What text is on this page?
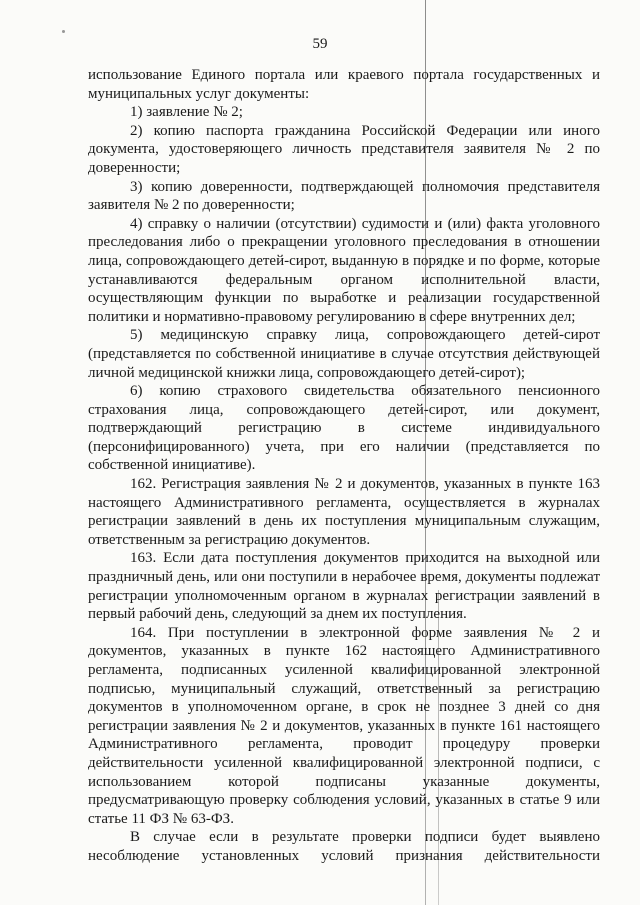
59

использование Единого портала или краевого портала государственных и муниципальных услуг документы:

1) заявление № 2;

2) копию паспорта гражданина Российской Федерации или иного документа, удостоверяющего личность представителя заявителя № 2 по доверенности;

3) копию доверенности, подтверждающей полномочия представителя заявителя № 2 по доверенности;

4) справку о наличии (отсутствии) судимости и (или) факта уголовного преследования либо о прекращении уголовного преследования в отношении лица, сопровождающего детей-сирот, выданную в порядке и по форме, которые устанавливаются федеральным органом исполнительной власти, осуществляющим функции по выработке и реализации государственной политики и нормативно-правовому регулированию в сфере внутренних дел;

5) медицинскую справку лица, сопровождающего детей-сирот (представляется по собственной инициативе в случае отсутствия действующей личной медицинской книжки лица, сопровождающего детей-сирот);

6) копию страхового свидетельства обязательного пенсионного страхования лица, сопровождающего детей-сирот, или документ, подтверждающий регистрацию в системе индивидуального (персонифицированного) учета, при его наличии (представляется по собственной инициативе).

162. Регистрация заявления № 2 и документов, указанных в пункте 163 настоящего Административного регламента, осуществляется в журналах регистрации заявлений в день их поступления муниципальным служащим, ответственным за регистрацию документов.

163. Если дата поступления документов приходится на выходной или праздничный день, или они поступили в нерабочее время, документы подлежат регистрации уполномоченным органом в журналах регистрации заявлений в первый рабочий день, следующий за днем их поступления.

164. При поступлении в электронной форме заявления № 2 и документов, указанных в пункте 162 настоящего Административного регламента, подписанных усиленной квалифицированной электронной подписью, муниципальный служащий, ответственный за регистрацию документов в уполномоченном органе, в срок не позднее 3 дней со дня регистрации заявления № 2 и документов, указанных в пункте 161 настоящего Административного регламента, проводит процедуру проверки действительности усиленной квалифицированной электронной подписи, с использованием которой подписаны указанные документы, предусматривающую проверку соблюдения условий, указанных в статье 9 или статье 11 ФЗ № 63-ФЗ.

В случае если в результате проверки подписи будет выявлено несоблюдение установленных условий признания действительности
